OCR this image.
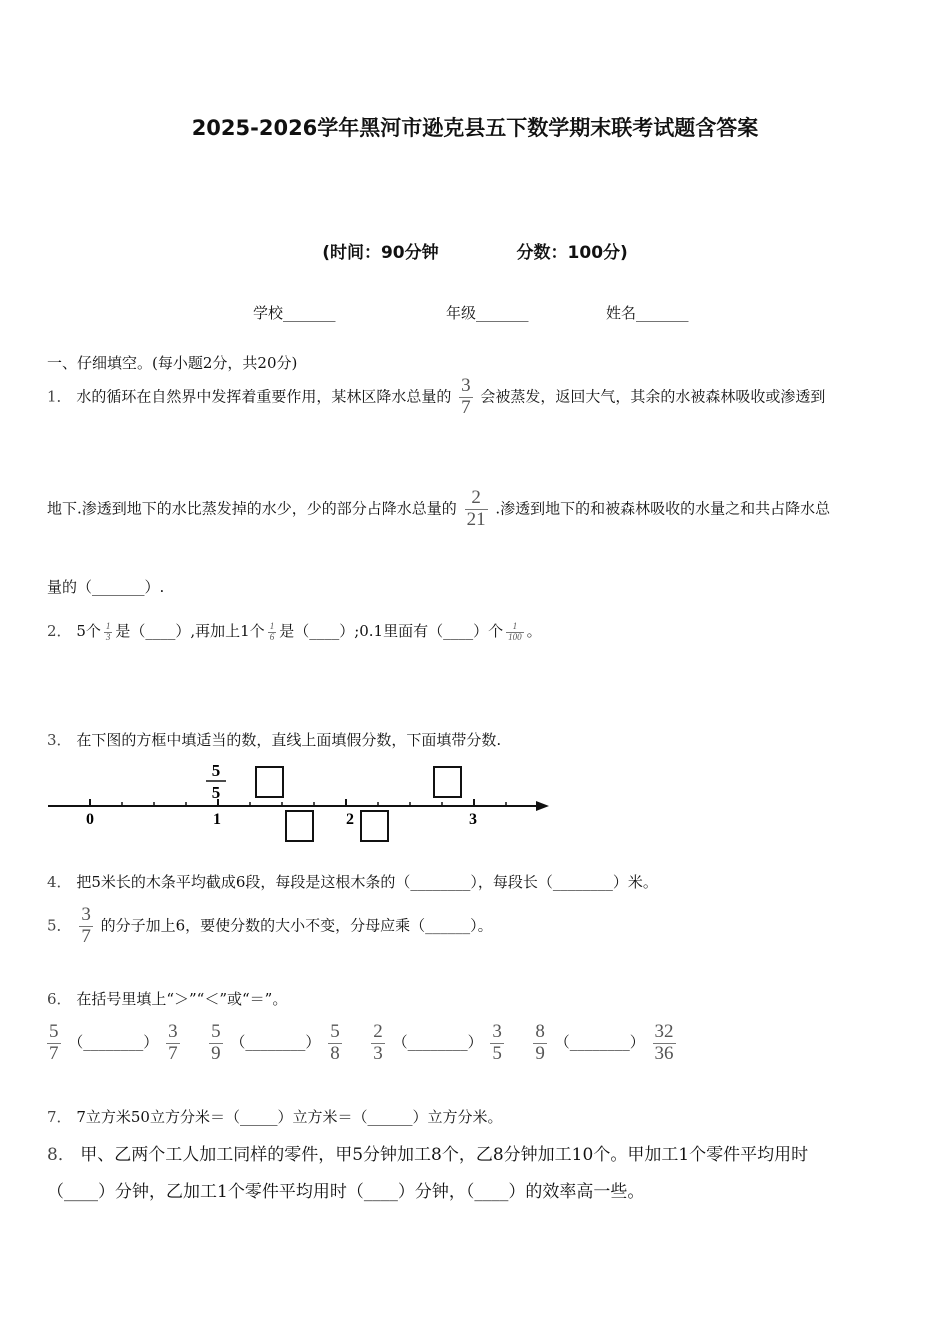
2025-2026学年黑河市逊克县五下数学期末联考试题含答案
(时间：90分钟	分数：100分)
学校_______	年级_______	姓名_______
一、仔细填空。(每小题2分，共20分)
1． 水的循环在自然界中发挥着重要作用，某林区降水总量的 $\frac{3}{7}$ 会被蒸发，返回大气，其余的水被森林吸收或渗透到
地下.渗透到地下的水比蒸发掉的水少，少的部分占降水总量的 $\frac{2}{21}$ .渗透到地下的和被森林吸收的水量之和共占降水总
量的（_______）.
2． 5个 $\frac{1}{3}$ 是（____）,再加上1个 $\frac{1}{6}$ 是（____）;0.1里面有（____）个 $\frac{1}{100}$ 。
3． 在下图的方框中填适当的数，直线上面填假分数，下面填带分数.
5
5
0	1	2	3
4． 把5米长的木条平均截成6段，每段是这根木条的（________），每段长（________）米。
5． $\frac{3}{7}$ 的分子加上6，要使分数的大小不变，分母应乘（______）。
6． 在括号里填上“＞”“＜”或“＝”。
$\frac{5}{7}$ （________） $\frac{3}{7}$
$\frac{5}{9}$ （________） $\frac{5}{8}$
$\frac{2}{3}$ （________） $\frac{3}{5}$
$\frac{8}{9}$ （________） $\frac{32}{36}$
7． 7立方米50立方分米＝（_____）立方米＝（______）立方分米。
8． 甲、乙两个工人加工同样的零件，甲5分钟加工8个，乙8分钟加工10个。甲加工1个零件平均用时
（____）分钟，乙加工1个零件平均用时（____）分钟，（____）的效率高一些。
